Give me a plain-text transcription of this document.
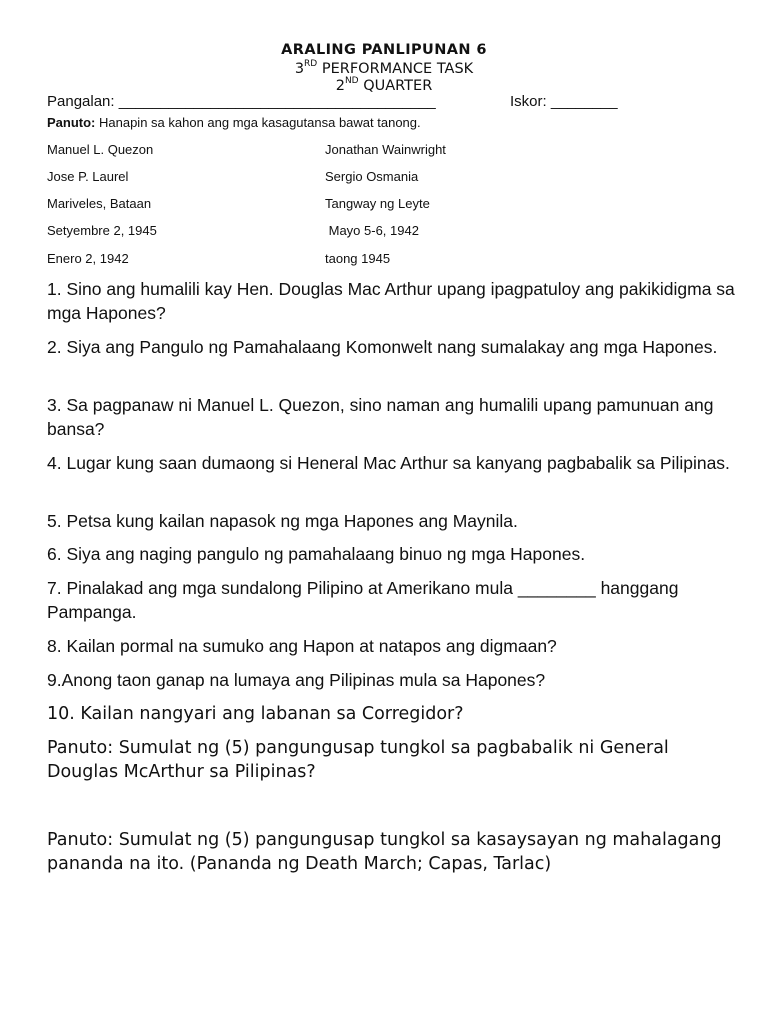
ARALING PANLIPUNAN 6
3RD PERFORMANCE TASK
2ND QUARTER
Pangalan: ______________________________________	Iskor: ________
Panuto: Hanapin sa kahon ang mga kasagutansa bawat tanong.
Manuel L. Quezon
Jose P. Laurel
Mariveles, Bataan
Setyembre 2, 1945
Enero 2, 1942
Jonathan Wainwright
Sergio Osmania
Tangway ng Leyte
Mayo 5-6, 1942
taong 1945
1. Sino ang humalili kay Hen. Douglas Mac Arthur upang ipagpatuloy ang pakikidigma sa mga Hapones?
2. Siya ang Pangulo ng Pamahalaang Komonwelt nang sumalakay ang mga Hapones.
3. Sa pagpanaw ni Manuel L. Quezon, sino naman ang humalili upang pamunuan ang bansa?
4. Lugar kung saan dumaong si Heneral Mac Arthur sa kanyang pagbabalik sa Pilipinas.
5. Petsa kung kailan napasok ng mga Hapones ang Maynila.
6. Siya ang naging pangulo ng pamahalaang binuo ng mga Hapones.
7. Pinalakad ang mga sundalong Pilipino at Amerikano mula ________ hanggang Pampanga.
8. Kailan pormal na sumuko ang Hapon at natapos ang digmaan?
9.Anong taon ganap na lumaya ang Pilipinas mula sa Hapones?
10. Kailan nangyari ang labanan sa Corregidor?
Panuto: Sumulat ng (5) pangungusap tungkol sa pagbabalik ni General Douglas McArthur sa Pilipinas?
Panuto: Sumulat ng (5) pangungusap tungkol sa kasaysayan ng mahalagang pananda na ito. (Pananda ng Death March; Capas, Tarlac)
